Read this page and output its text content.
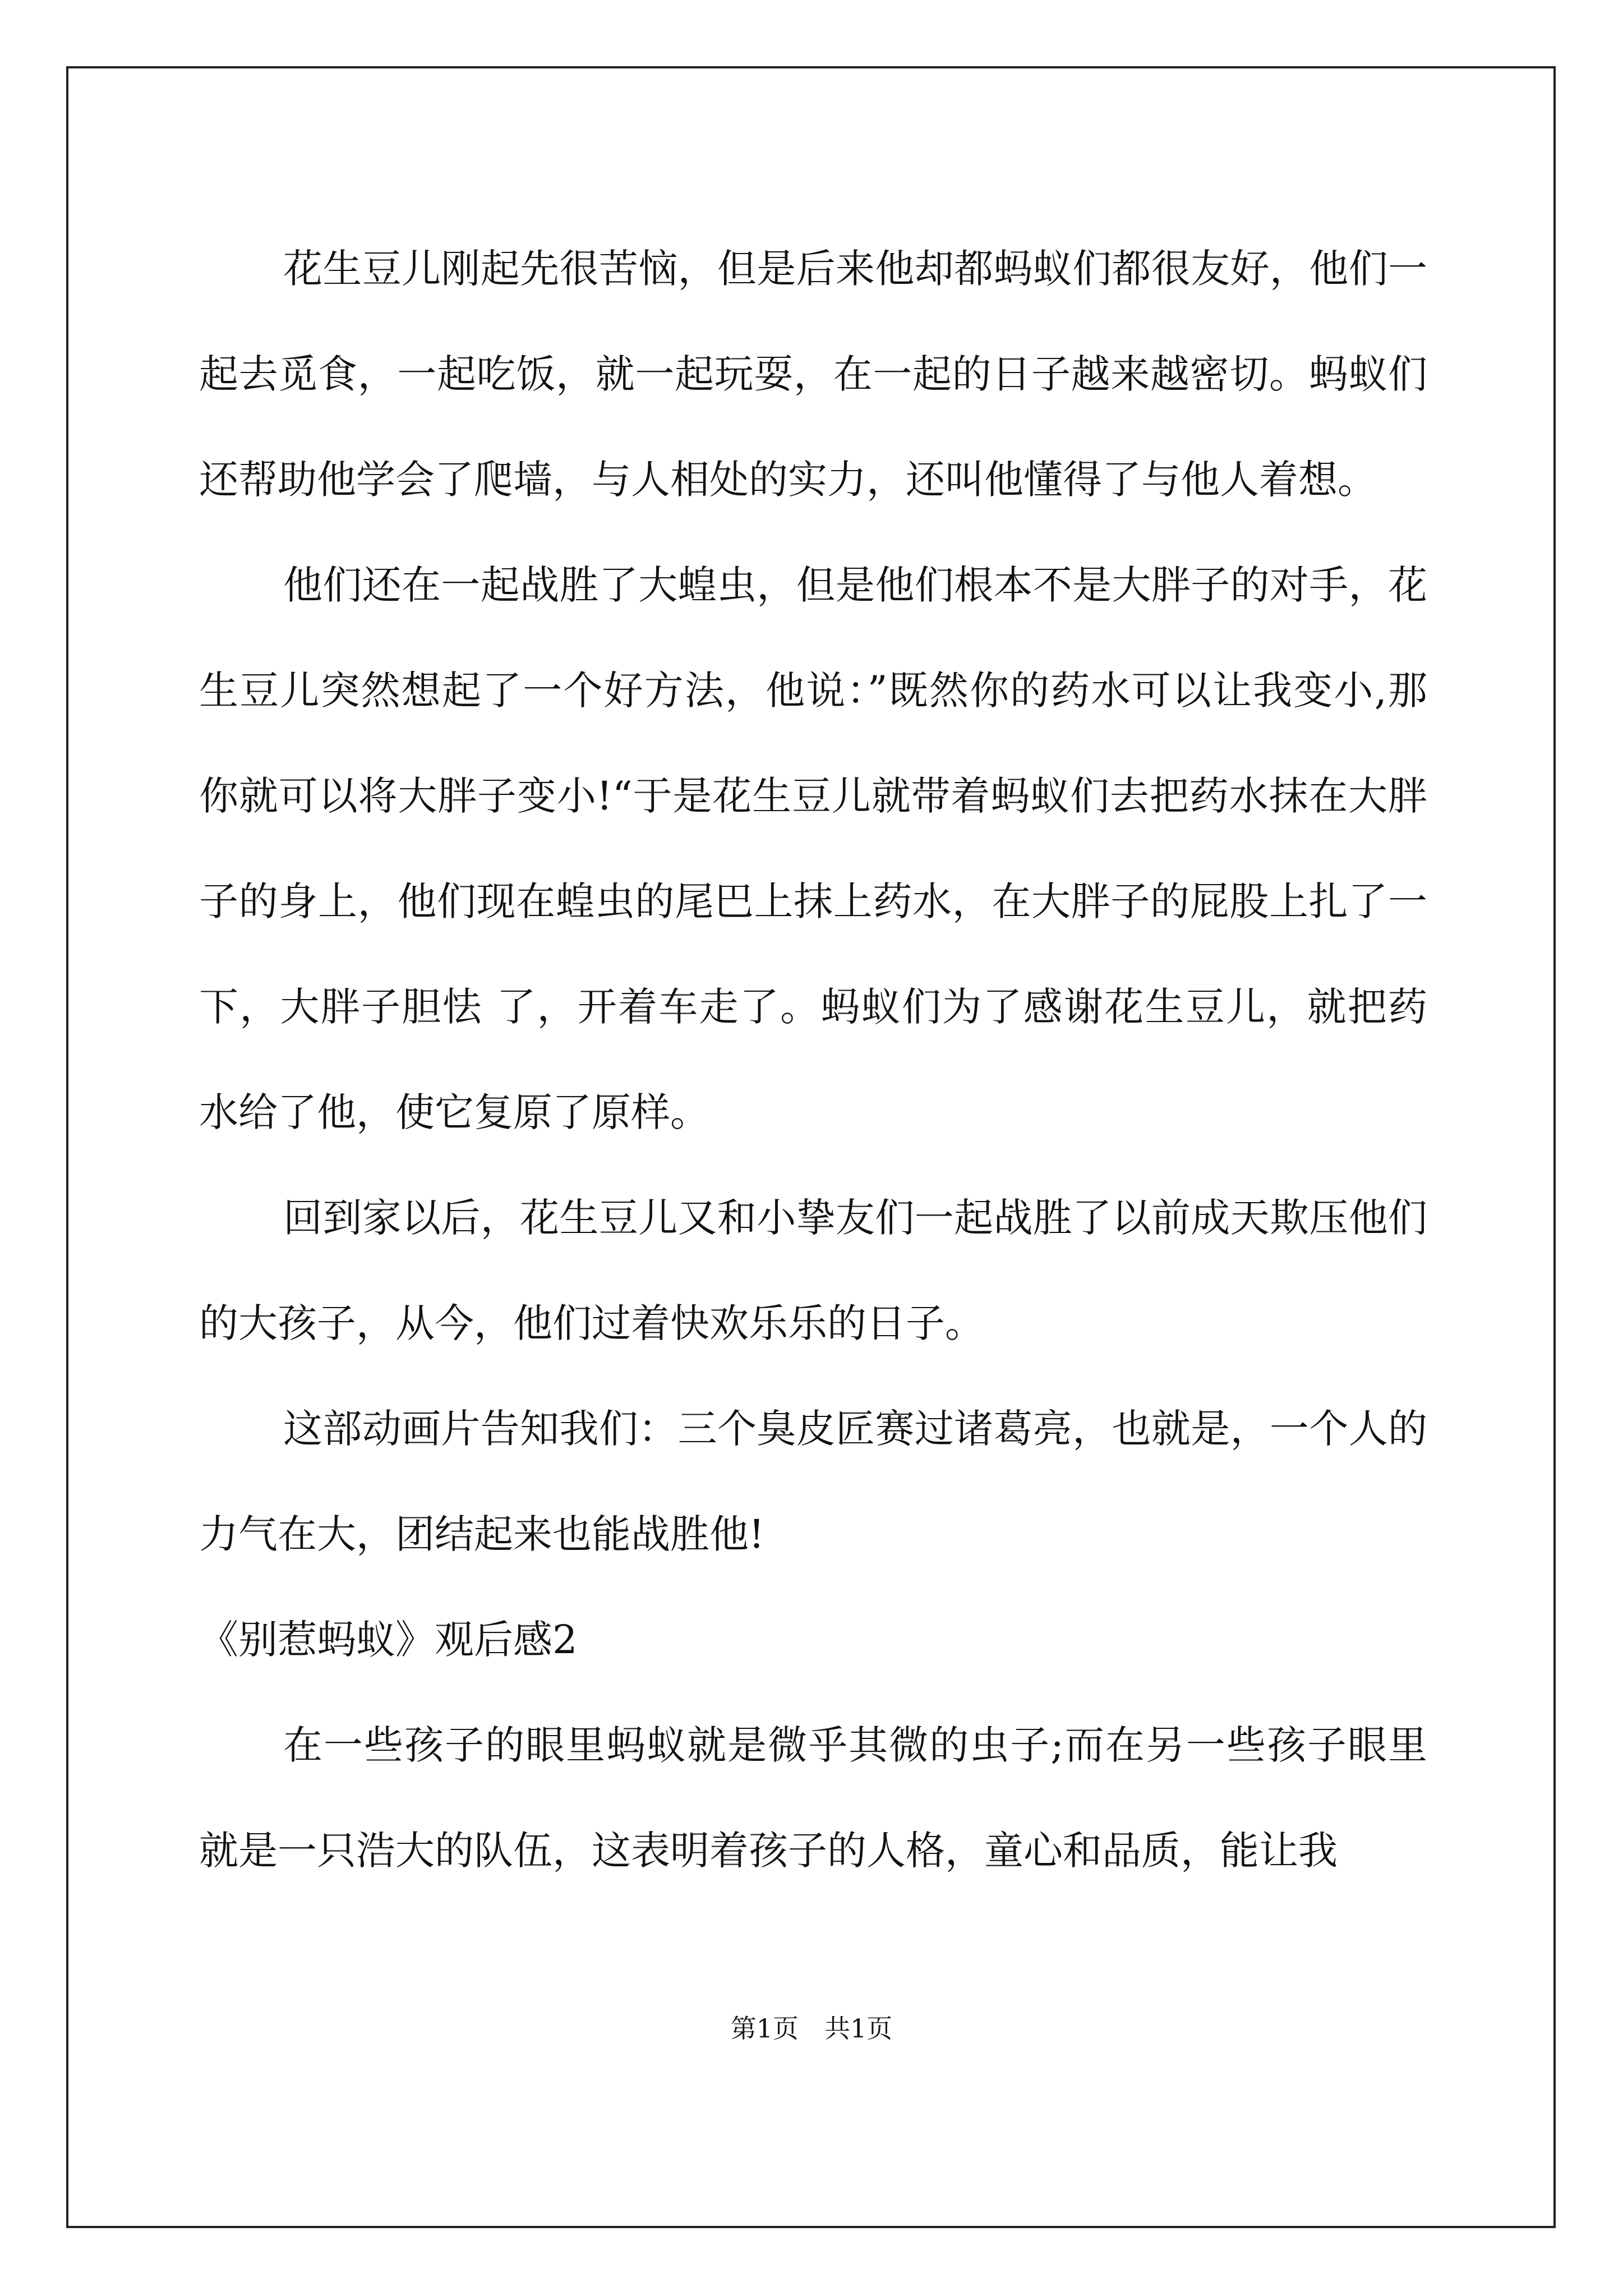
花生豆儿刚起先很苦恼，但是后来他却都蚂蚁们都很友好，他们一起去觅食，一起吃饭，就一起玩耍，在一起的日子越来越密切。蚂蚁们还帮助他学会了爬墙，与人相处的实力，还叫他懂得了与他人着想。

他们还在一起战胜了大蝗虫，但是他们根本不是大胖子的对手，花生豆儿突然想起了一个好方法，他说：”既然你的药水可以让我变小,那你就可以将大胖子变小!“于是花生豆儿就带着蚂蚁们去把药水抹在大胖子的身上，他们现在蝗虫的尾巴上抹上药水，在大胖子的屁股上扎了一下，大胖子胆怯 了，开着车走了。蚂蚁们为了感谢花生豆儿，就把药水给了他，使它复原了原样。

回到家以后，花生豆儿又和小挚友们一起战胜了以前成天欺压他们的大孩子，从今，他们过着快欢乐乐的日子。

这部动画片告知我们：三个臭皮匠赛过诸葛亮，也就是，一个人的力气在大，团结起来也能战胜他!

《别惹蚂蚁》观后感2

在一些孩子的眼里蚂蚁就是微乎其微的虫子;而在另一些孩子眼里就是一只浩大的队伍，这表明着孩子的人格，童心和品质，能让我

第1页　共1页
